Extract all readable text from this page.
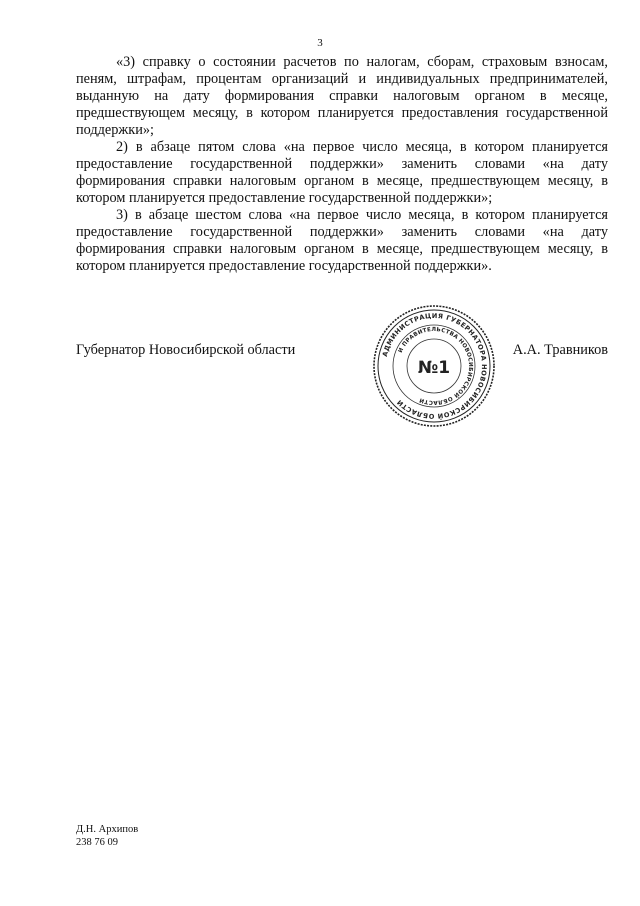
3

«3) справку о состоянии расчетов по налогам, сборам, страховым взносам, пеням, штрафам, процентам организаций и индивидуальных предпринимателей, выданную на дату формирования справки налоговым органом в месяце, предшествующем месяцу, в котором планируется предоставления государственной поддержки»;

2) в абзаце пятом слова «на первое число месяца, в котором планируется предоставление государственной поддержки» заменить словами «на дату формирования справки налоговым органом в месяце, предшествующем месяцу, в котором планируется предоставление государственной поддержки»;

3) в абзаце шестом слова «на первое число месяца, в котором планируется предоставление государственной поддержки» заменить словами «на дату формирования справки налоговым органом в месяце, предшествующем месяцу, в котором планируется предоставление государственной поддержки».

Губернатор Новосибирской области	А.А. Травников
АДМИНИСТРАЦИЯ ГУБЕРНАТОРА НОВОСИБИРСКОЙ ОБЛАСТИ
И ПРАВИТЕЛЬСТВА НОВОСИБИРСКОЙ ОБЛАСТИ
№1
Д.Н. Архипов
238 76 09
